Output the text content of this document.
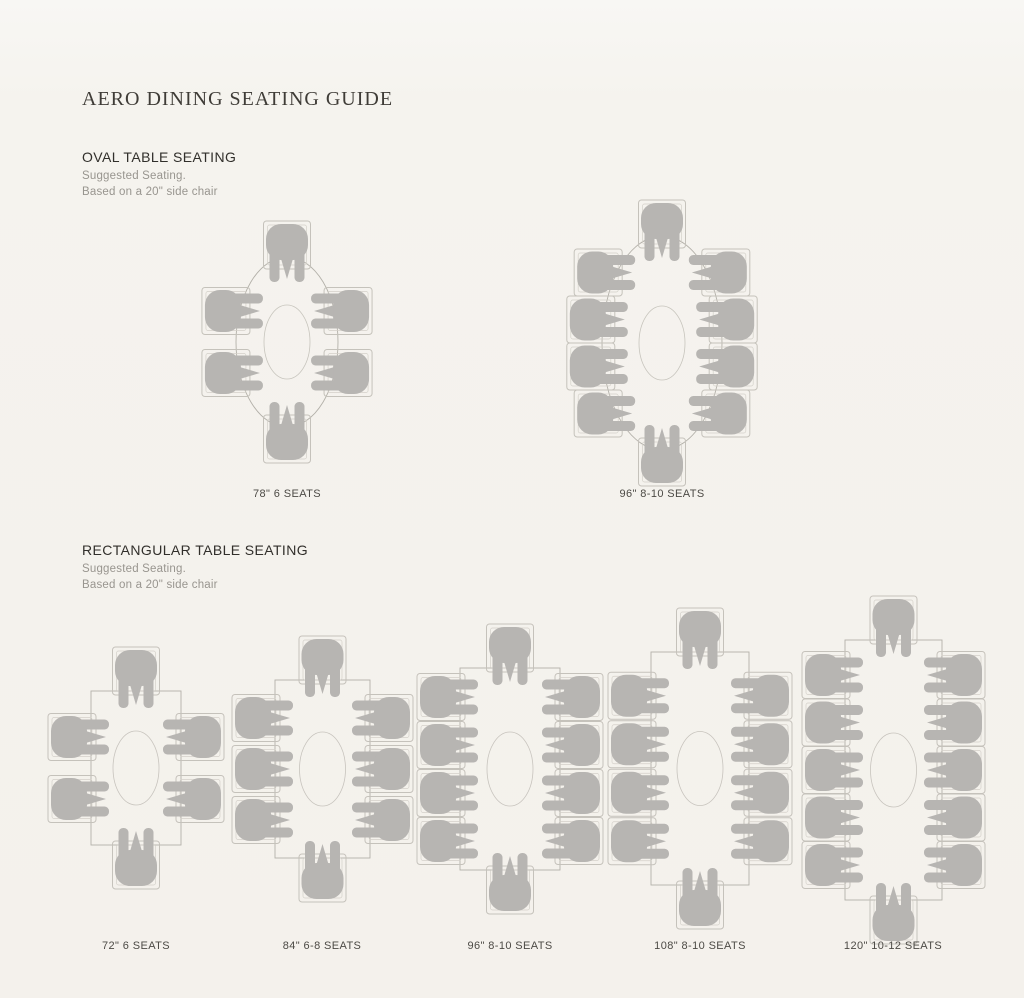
AERO DINING SEATING GUIDE
OVAL TABLE SEATING

Suggested Seating.
Based on a 20" side chair

RECTANGULAR TABLE SEATING

Suggested Seating.
Based on a 20" side chair

78" 6 SEATS	96" 8-10 SEATS
72" 6 SEATS	84" 6-8 SEATS	96" 8-10 SEATS	108" 8-10 SEATS	120" 10-12 SEATS
